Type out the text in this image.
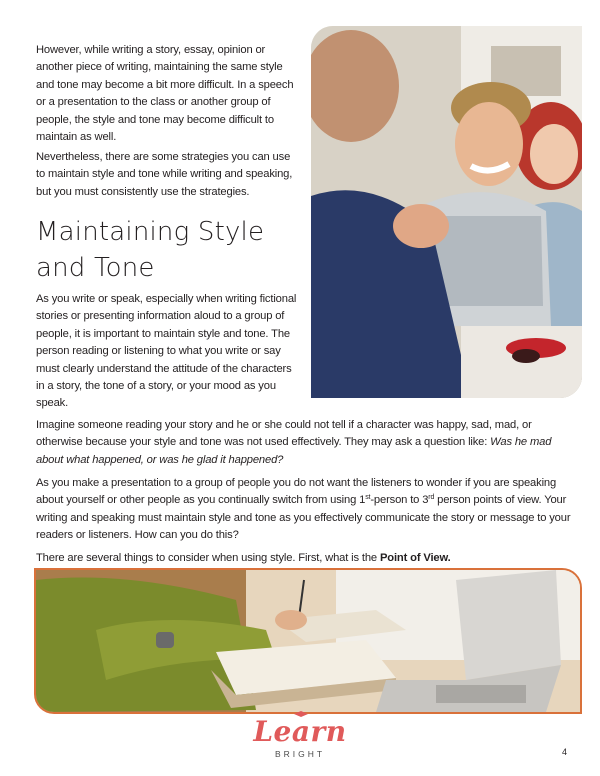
However, while writing a story, essay, opinion or another piece of writing, maintaining the same style and tone may become a bit more difficult. In a speech or a presentation to the class or another group of people, the style and tone may become difficult to maintain as well.

Nevertheless, there are some strategies you can use to maintain style and tone while writing and speaking, but you must consistently use the strategies.

Maintaining Style and Tone

As you write or speak, especially when writing fictional stories or presenting information aloud to a group of people, it is important to maintain style and tone. The person reading or listening to what you write or say must clearly understand the attitude of the characters in a story, the tone of a story, or your mood as you speak.

Imagine someone reading your story and he or she could not tell if a character was happy, sad, mad, or otherwise because your style and tone was not used effectively. They may ask a question like: Was he mad about what happened, or was he glad it happened?

As you make a presentation to a group of people you do not want the listeners to wonder if you are speaking about yourself or other people as you continually switch from using 1st-person to 3rd person points of view. Your writing and speaking must maintain style and tone as you effectively communicate the story or message to your readers or listeners. How can you do this?

There are several things to consider when using style. First, what is the Point of View.

Learn
BRIGHT	4
